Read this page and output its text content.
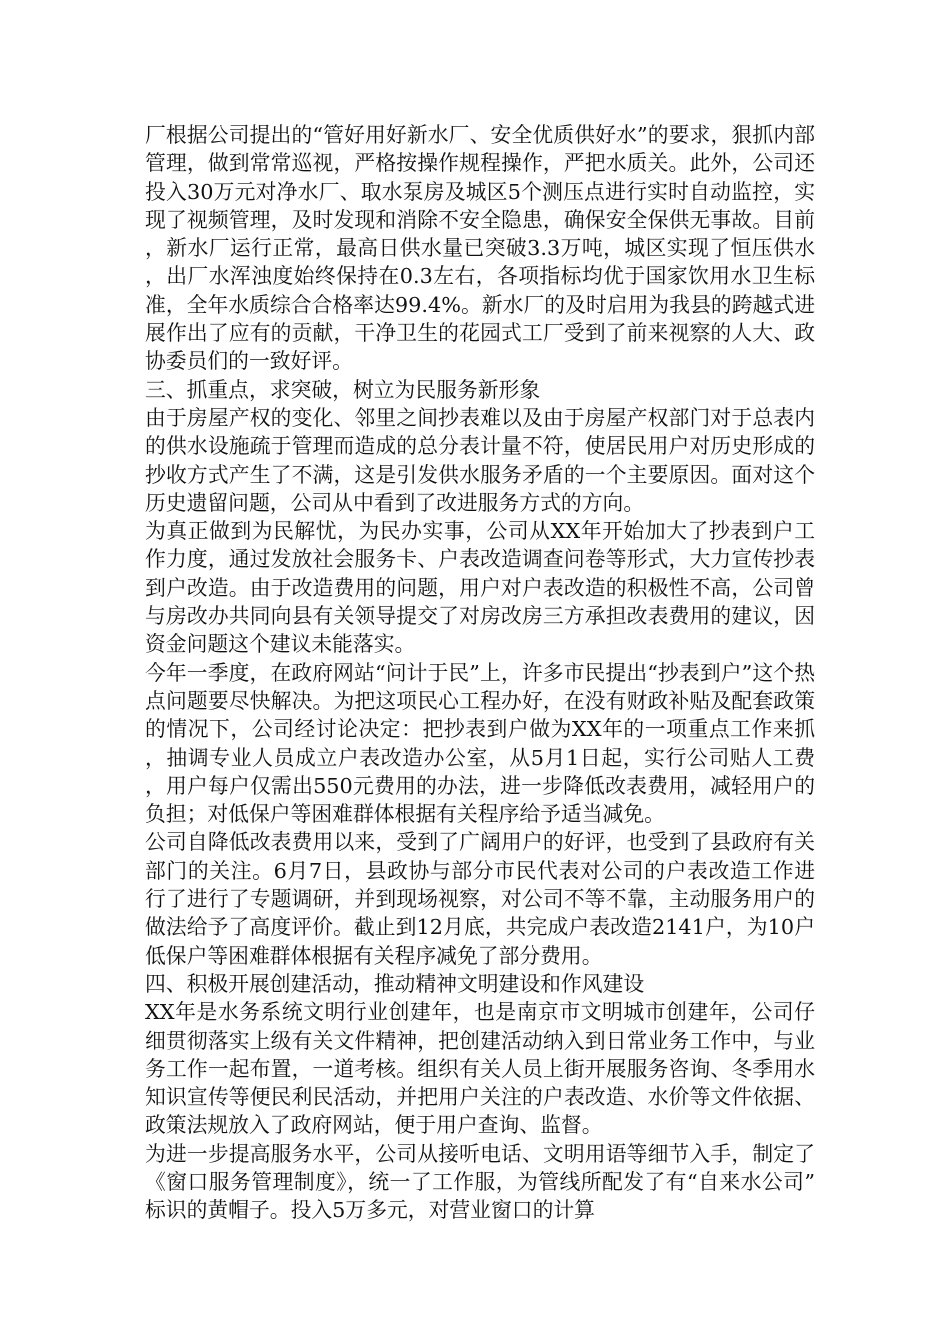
厂根据公司提出的“管好用好新水厂、安全优质供好水”的要求，狠抓内部管理，做到常常巡视，严格按操作规程操作，严把水质关。此外，公司还投入30万元对净水厂、取水泵房及城区5个测压点进行实时自动监控，实现了视频管理，及时发现和消除不安全隐患，确保安全保供无事故。目前，新水厂运行正常，最高日供水量已突破3.3万吨，城区实现了恒压供水，出厂水浑浊度始终保持在0.3左右，各项指标均优于国家饮用水卫生标准，全年水质综合合格率达99.4%。新水厂的及时启用为我县的跨越式进展作出了应有的贡献，干净卫生的花园式工厂受到了前来视察的人大、政协委员们的一致好评。

三、抓重点，求突破，树立为民服务新形象

由于房屋产权的变化、邻里之间抄表难以及由于房屋产权部门对于总表内的供水设施疏于管理而造成的总分表计量不符，使居民用户对历史形成的抄收方式产生了不满，这是引发供水服务矛盾的一个主要原因。面对这个历史遗留问题，公司从中看到了改进服务方式的方向。

为真正做到为民解忧，为民办实事，公司从XX年开始加大了抄表到户工作力度，通过发放社会服务卡、户表改造调查问卷等形式，大力宣传抄表到户改造。由于改造费用的问题，用户对户表改造的积极性不高，公司曾与房改办共同向县有关领导提交了对房改房三方承担改表费用的建议，因资金问题这个建议未能落实。

今年一季度，在政府网站“问计于民”上，许多市民提出“抄表到户”这个热点问题要尽快解决。为把这项民心工程办好，在没有财政补贴及配套政策的情况下，公司经讨论决定：把抄表到户做为XX年的一项重点工作来抓，抽调专业人员成立户表改造办公室，从5月1日起，实行公司贴人工费，用户每户仅需出550元费用的办法，进一步降低改表费用，减轻用户的负担；对低保户等困难群体根据有关程序给予适当减免。

公司自降低改表费用以来，受到了广阔用户的好评，也受到了县政府有关部门的关注。6月7日，县政协与部分市民代表对公司的户表改造工作进行了进行了专题调研，并到现场视察，对公司不等不靠，主动服务用户的做法给予了高度评价。截止到12月底，共完成户表改造2141户，为10户低保户等困难群体根据有关程序减免了部分费用。

四、积极开展创建活动，推动精神文明建设和作风建设

XX年是水务系统文明行业创建年，也是南京市文明城市创建年，公司仔细贯彻落实上级有关文件精神，把创建活动纳入到日常业务工作中，与业务工作一起布置，一道考核。组织有关人员上街开展服务咨询、冬季用水知识宣传等便民利民活动，并把用户关注的户表改造、水价等文件依据、政策法规放入了政府网站，便于用户查询、监督。

为进一步提高服务水平，公司从接听电话、文明用语等细节入手，制定了《窗口服务管理制度》，统一了工作服，为管线所配发了有“自来水公司”标识的黄帽子。投入5万多元，对营业窗口的计算
